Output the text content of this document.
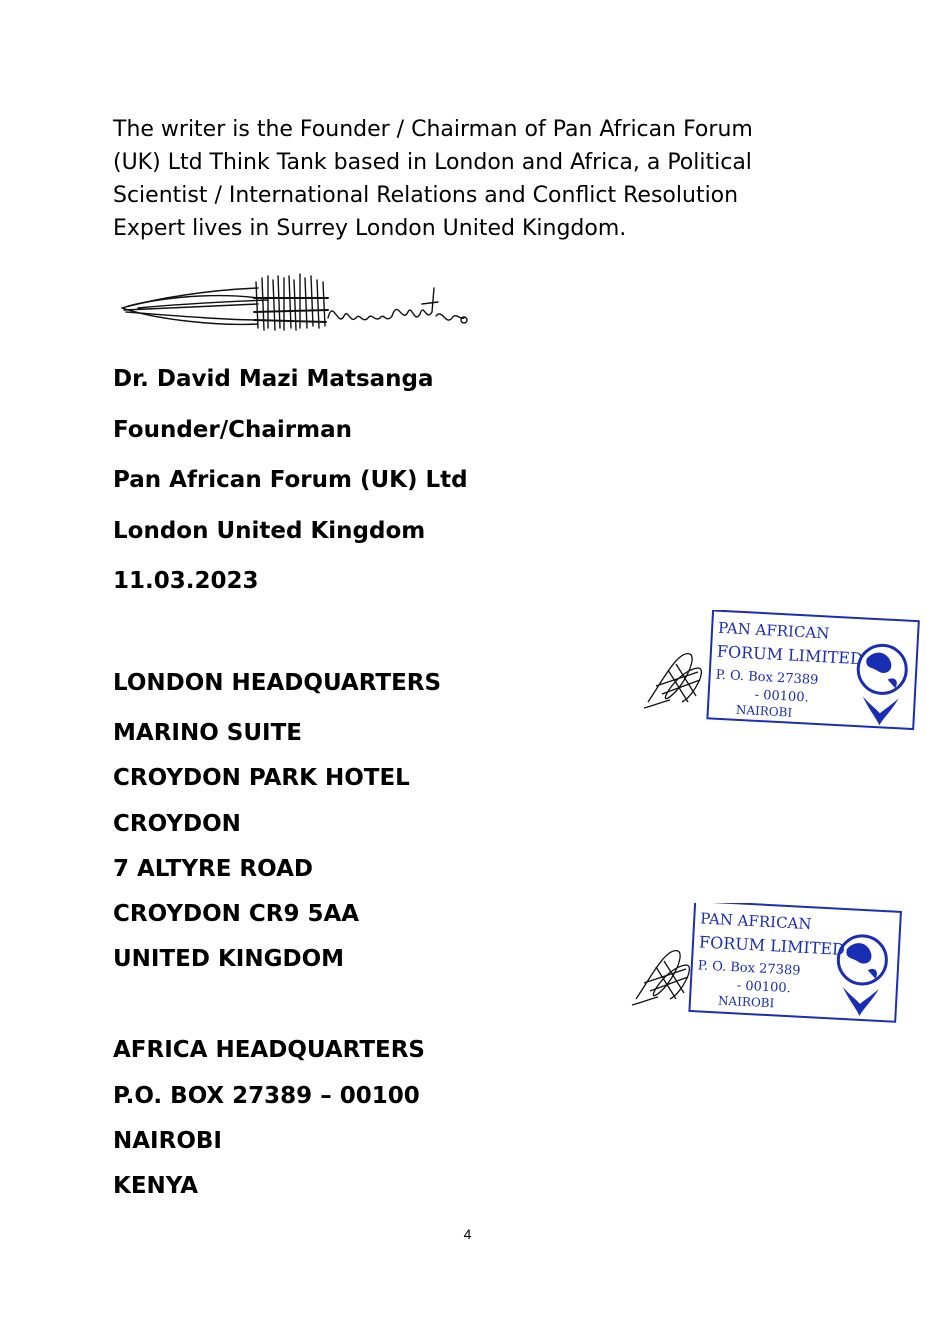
The writer is the Founder / Chairman of Pan African Forum
(UK) Ltd Think Tank based in London and Africa, a Political
Scientist / International Relations and Conflict Resolution
Expert lives in Surrey London United Kingdom.
Dr. David Mazi Matsanga
Founder/Chairman
Pan African Forum (UK) Ltd
London United Kingdom
11.03.2023
LONDON HEADQUARTERS
MARINO SUITE
CROYDON PARK HOTEL
CROYDON
7 ALTYRE ROAD
CROYDON CR9 5AA
UNITED KINGDOM
AFRICA HEADQUARTERS
P.O. BOX 27389 – 00100
NAIROBI
KENYA
PAN AFRICAN
FORUM LIMITED
P. O. Box 27389
- 00100.
NAIROBI
PAN AFRICAN
FORUM LIMITED
P. O. Box 27389
- 00100.
NAIROBI
4
